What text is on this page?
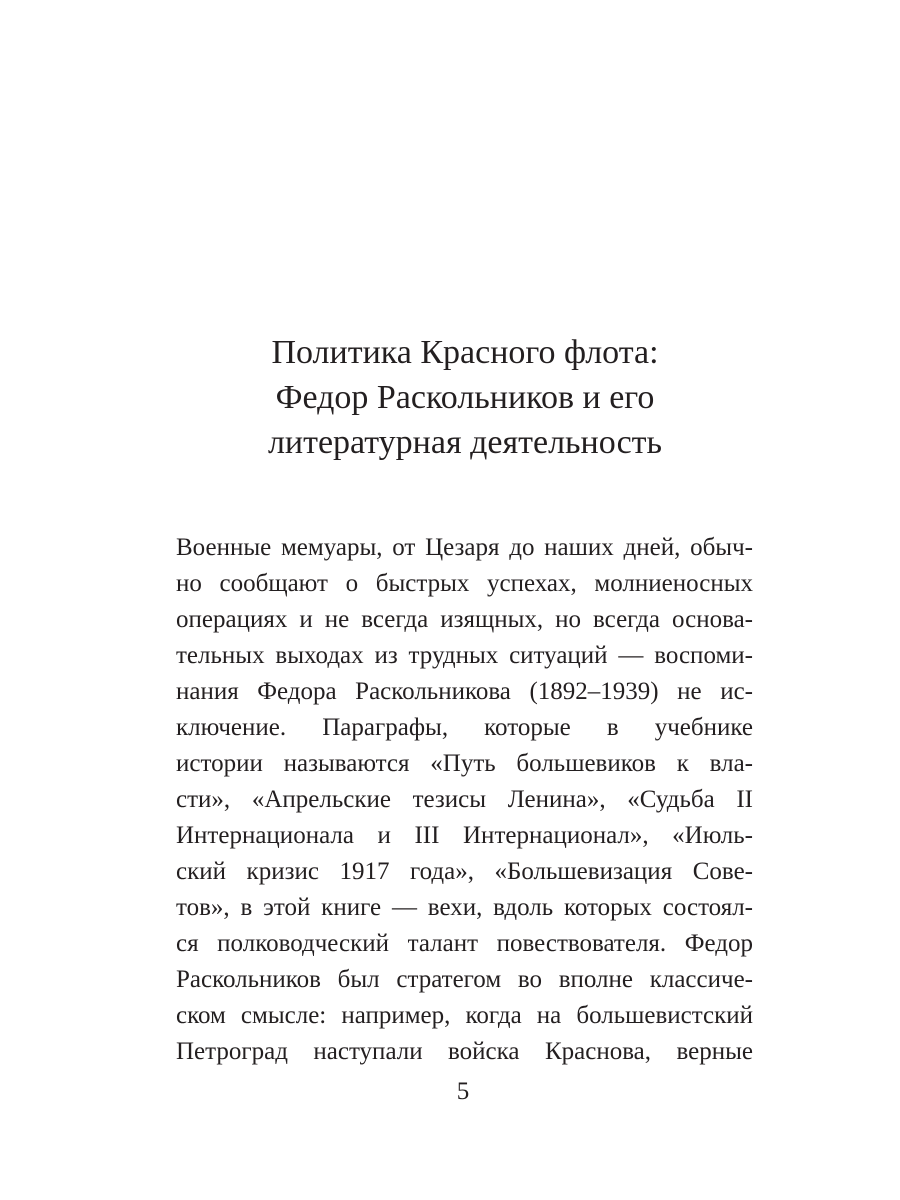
Политика Красного флота:
Федор Раскольников и его
литературная деятельность
Военные мемуары, от Цезаря до наших дней, обыч-
но сообщают о быстрых успехах, молниеносных
операциях и не всегда изящных, но всегда основа-
тельных выходах из трудных ситуаций — воспоми-
нания Федора Раскольникова (1892–1939) не ис-
ключение. Параграфы, которые в учебнике
истории называются «Путь большевиков к вла-
сти», «Апрельские тезисы Ленина», «Судьба II
Интернационала и III Интернационал», «Июль-
ский кризис 1917 года», «Большевизация Сове-
тов», в этой книге — вехи, вдоль которых состоял-
ся полководческий талант повествователя. Федор
Раскольников был стратегом во вполне классиче-
ском смысле: например, когда на большевистский
Петроград наступали войска Краснова, верные
5
